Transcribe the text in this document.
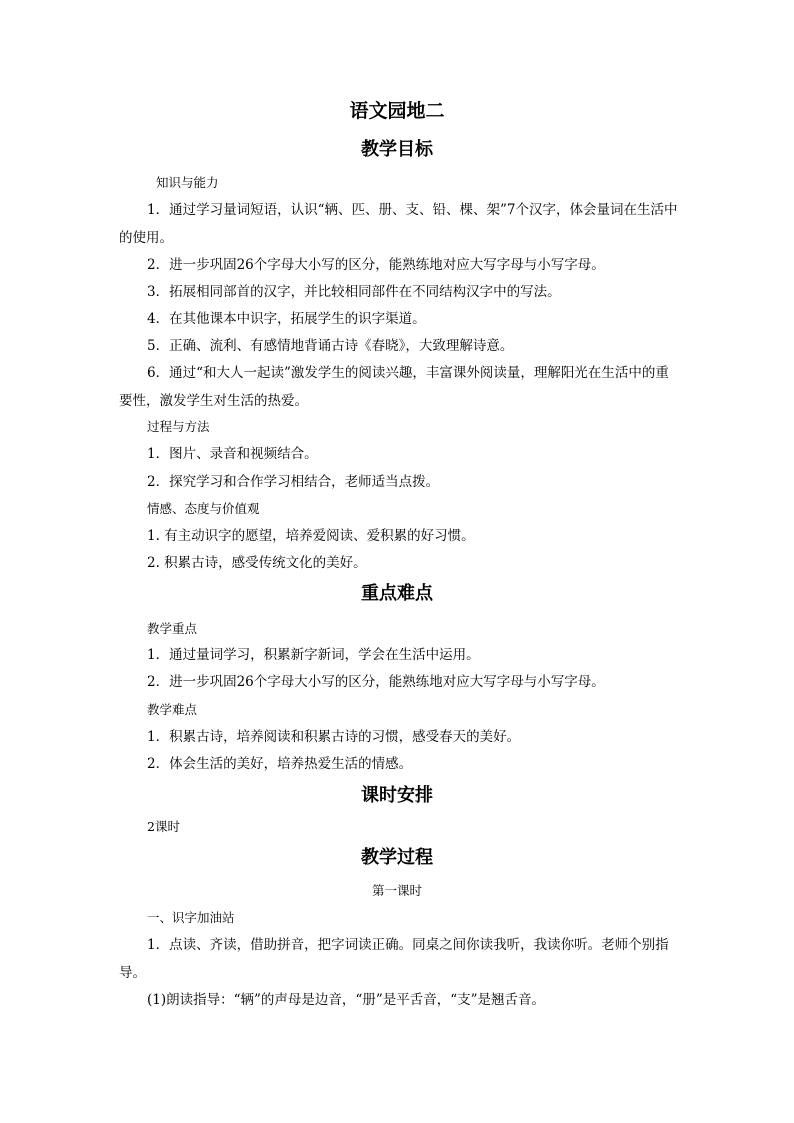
语文园地二
教学目标
知识与能力
1．通过学习量词短语，认识“辆、匹、册、支、铅、棵、架”7个汉字，体会量词在生活中的使用。
2．进一步巩固26个字母大小写的区分，能熟练地对应大写字母与小写字母。
3．拓展相同部首的汉字，并比较相同部件在不同结构汉字中的写法。
4．在其他课本中识字，拓展学生的识字渠道。
5．正确、流利、有感情地背诵古诗《春晓》，大致理解诗意。
6．通过“和大人一起读”激发学生的阅读兴趣，丰富课外阅读量，理解阳光在生活中的重要性，激发学生对生活的热爱。
过程与方法
1．图片、录音和视频结合。
2．探究学习和合作学习相结合，老师适当点拨。
情感、态度与价值观
1. 有主动识字的愿望，培养爱阅读、爱积累的好习惯。
2. 积累古诗，感受传统文化的美好。
重点难点
教学重点
1．通过量词学习，积累新字新词，学会在生活中运用。
2．进一步巩固26个字母大小写的区分，能熟练地对应大写字母与小写字母。
教学难点
1．积累古诗，培养阅读和积累古诗的习惯，感受春天的美好。
2．体会生活的美好，培养热爱生活的情感。
课时安排
2课时
教学过程
第一课时
一、识字加油站
1．点读、齐读，借助拼音，把字词读正确。同桌之间你读我听，我读你听。老师个别指导。
(1)朗读指导：“辆”的声母是边音，“册”是平舌音，“支”是翘舌音。
